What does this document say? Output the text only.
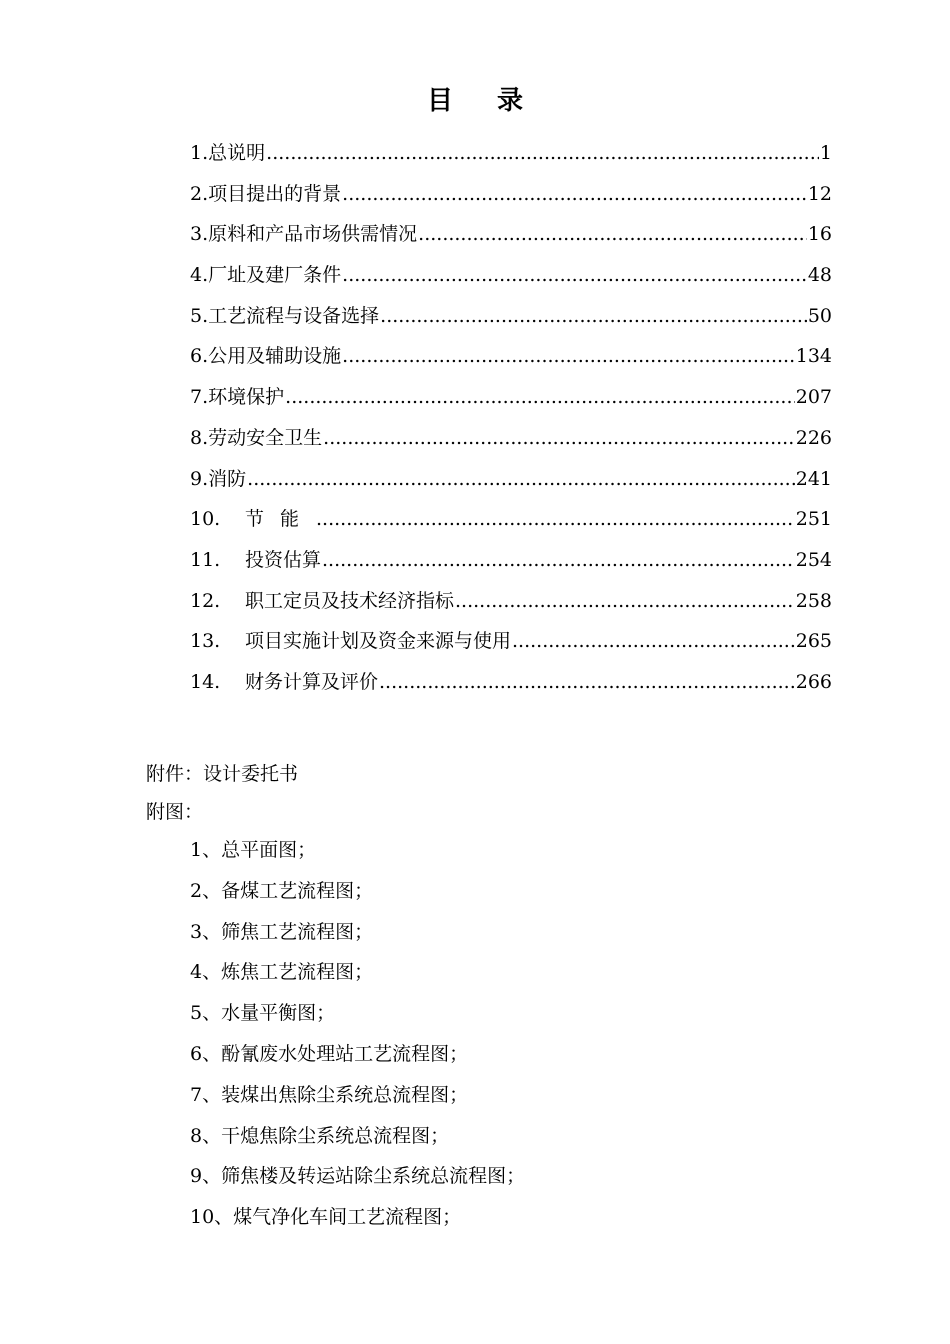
目录
1. 总说明 .....	1
2. 项目提出的背景 .....	12
3. 原料和产品市场供需情况 .....	16
4. 厂址及建厂条件 .....	48
5. 工艺流程与设备选择 .....	50
6. 公用及辅助设施 .....	134
7. 环境保护 .....	207
8. 劳动安全卫生 .....	226
9. 消防 .....	241
10.	节能 .....	251
11.	投资估算 .....	254
12.	职工定员及技术经济指标 .....	258
13.	项目实施计划及资金来源与使用 .....	265
14.	财务计算及评价 .....	266
附件：设计委托书
附图：
1、总平面图；
2、备煤工艺流程图；
3、筛焦工艺流程图；
4、炼焦工艺流程图；
5、水量平衡图；
6、酚氰废水处理站工艺流程图；
7、装煤出焦除尘系统总流程图；
8、干熄焦除尘系统总流程图；
9、筛焦楼及转运站除尘系统总流程图；
10、煤气净化车间工艺流程图；
